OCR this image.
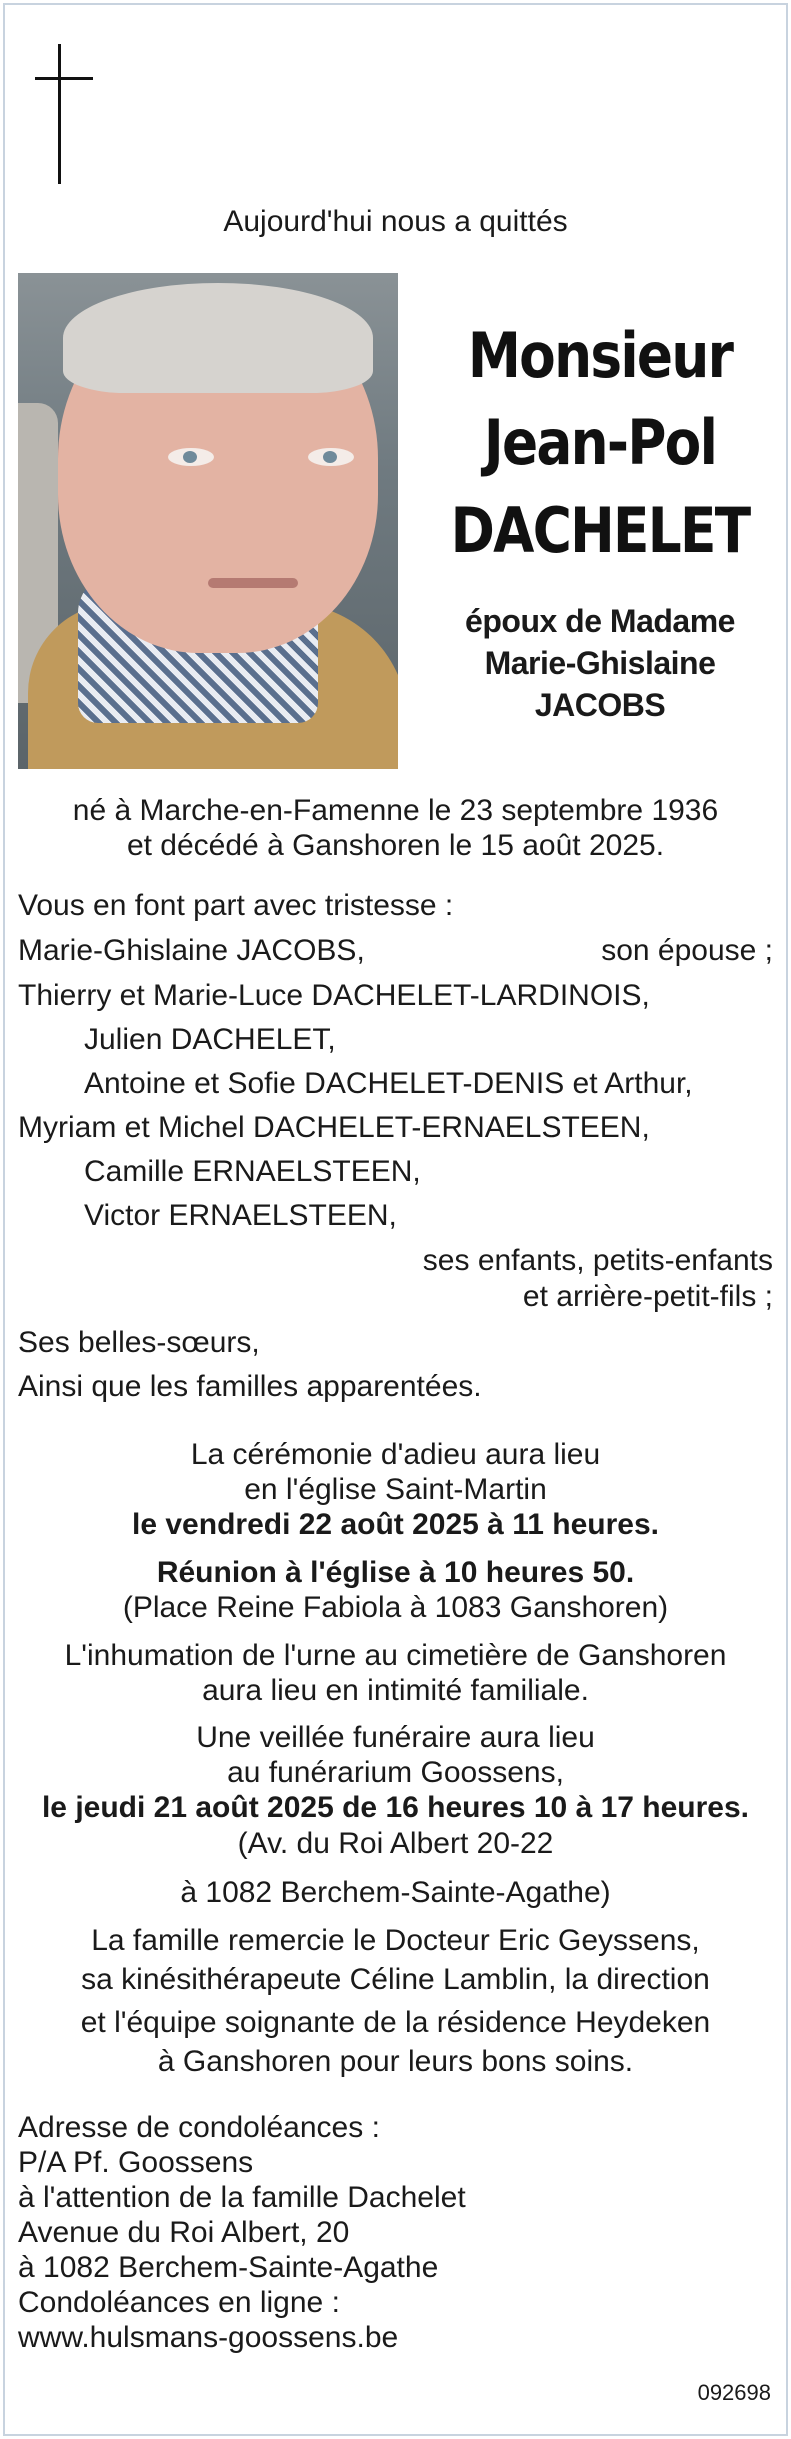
Aujourd'hui nous a quittés
Monsieur
Jean-Pol
DACHELET
époux de Madame
Marie-Ghislaine
JACOBS
né à Marche-en-Famenne le 23 septembre 1936
et décédé à Ganshoren le 15 août 2025.
Vous en font part avec tristesse :
Marie-Ghislaine JACOBS,	son épouse ;
Thierry et Marie-Luce DACHELET-LARDINOIS,
Julien DACHELET,
Antoine et Sofie DACHELET-DENIS et Arthur,
Myriam et Michel DACHELET-ERNAELSTEEN,
Camille ERNAELSTEEN,
Victor ERNAELSTEEN,
ses enfants, petits-enfants
et arrière-petit-fils ;
Ses belles-sœurs,
Ainsi que les familles apparentées.
La cérémonie d'adieu aura lieu
en l'église Saint-Martin
le vendredi 22 août 2025 à 11 heures.
Réunion à l'église à 10 heures 50.
(Place Reine Fabiola à 1083 Ganshoren)
L'inhumation de l'urne au cimetière de Ganshoren
aura lieu en intimité familiale.
Une veillée funéraire aura lieu
au funérarium Goossens,
le jeudi 21 août 2025 de 16 heures 10 à 17 heures.
(Av. du Roi Albert 20-22
à 1082 Berchem-Sainte-Agathe)
La famille remercie le Docteur Eric Geyssens,
sa kinésithérapeute Céline Lamblin, la direction
et l'équipe soignante de la résidence Heydeken
à Ganshoren pour leurs bons soins.
Adresse de condoléances :
P/A Pf. Goossens
à l'attention de la famille Dachelet
Avenue du Roi Albert, 20
à 1082 Berchem-Sainte-Agathe
Condoléances en ligne :
www.hulsmans-goossens.be
092698
